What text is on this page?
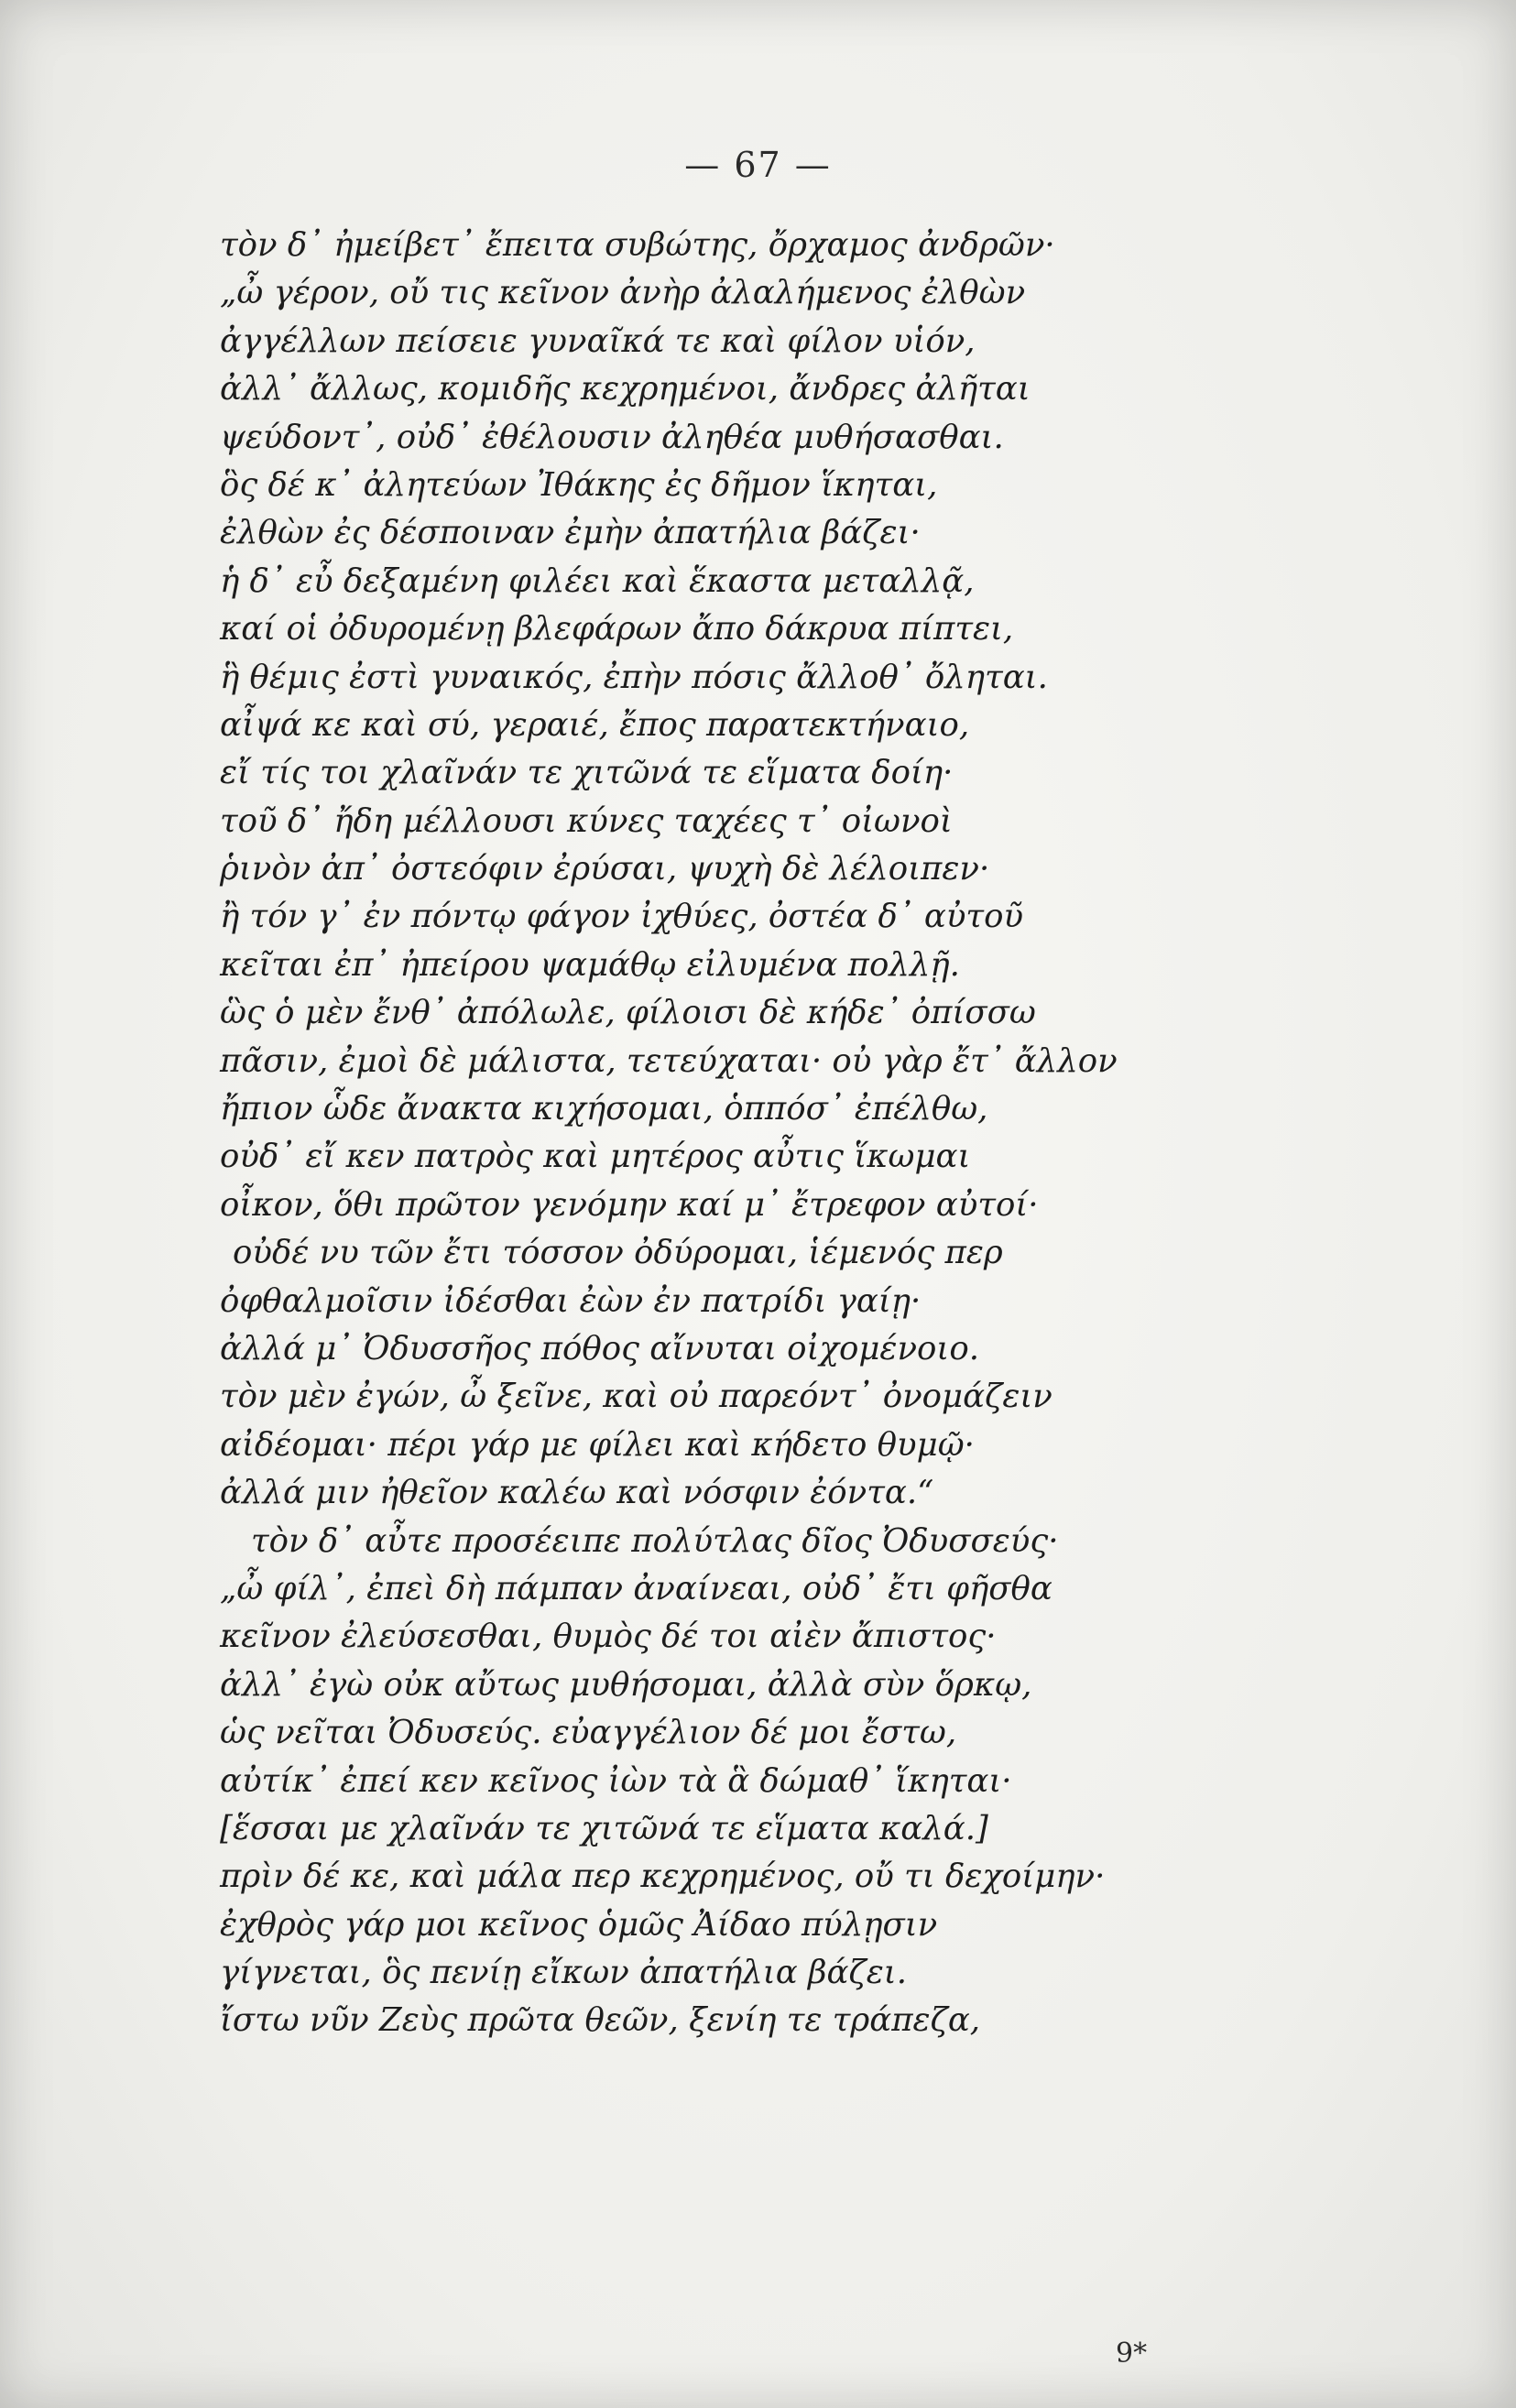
— 67 —
τὸν δ᾽ ἠμείβετ᾽ ἔπειτα συβώτης, ὄρχαμος ἀνδρῶν·
„ὦ γέρον, οὔ τις κεῖνον ἀνὴρ ἀλαλήμενος ἐλθὼν
ἀγγέλλων πείσειε γυναῖκά τε καὶ φίλον υἱόν,
ἀλλ᾽ ἄλλως, κομιδῆς κεχρημένοι, ἄνδρες ἀλῆται
ψεύδοντ᾽, οὐδ᾽ ἐθέλουσιν ἀληθέα μυθήσασθαι.
ὃς δέ κ᾽ ἀλητεύων Ἰθάκης ἐς δῆμον ἵκηται,
ἐλθὼν ἐς δέσποιναν ἐμὴν ἀπατήλια βάζει·
ἡ δ᾽ εὖ δεξαμένη φιλέει καὶ ἕκαστα μεταλλᾷ,
καί οἱ ὀδυρομένῃ βλεφάρων ἄπο δάκρυα πίπτει,
ἣ θέμις ἐστὶ γυναικός, ἐπὴν πόσις ἄλλοθ᾽ ὄληται.
αἶψά κε καὶ σύ, γεραιέ, ἔπος παρατεκτήναιο,
εἴ τίς τοι χλαῖνάν τε χιτῶνά τε εἵματα δοίη·
τοῦ δ᾽ ἤδη μέλλουσι κύνες ταχέες τ᾽ οἰωνοὶ
ῥινὸν ἀπ᾽ ὀστεόφιν ἐρύσαι, ψυχὴ δὲ λέλοιπεν·
ἢ τόν γ᾽ ἐν πόντῳ φάγον ἰχθύες, ὀστέα δ᾽ αὐτοῦ
κεῖται ἐπ᾽ ἠπείρου ψαμάθῳ εἰλυμένα πολλῇ.
ὣς ὁ μὲν ἔνθ᾽ ἀπόλωλε, φίλοισι δὲ κήδε᾽ ὀπίσσω
πᾶσιν, ἐμοὶ δὲ μάλιστα, τετεύχαται· οὐ γὰρ ἔτ᾽ ἄλλον
ἤπιον ὧδε ἄνακτα κιχήσομαι, ὁππόσ᾽ ἐπέλθω,
οὐδ᾽ εἴ κεν πατρὸς καὶ μητέρος αὖτις ἵκωμαι
οἶκον, ὅθι πρῶτον γενόμην καί μ᾽ ἔτρεφον αὐτοί·
οὐδέ νυ τῶν ἔτι τόσσον ὀδύρομαι, ἱέμενός περ
ὀφθαλμοῖσιν ἰδέσθαι ἐὼν ἐν πατρίδι γαίῃ·
ἀλλά μ᾽ Ὀδυσσῆος πόθος αἴνυται οἰχομένοιο.
τὸν μὲν ἐγών, ὦ ξεῖνε, καὶ οὐ παρεόντ᾽ ὀνομάζειν
αἰδέομαι· πέρι γάρ με φίλει καὶ κήδετο θυμῷ·
ἀλλά μιν ἠθεῖον καλέω καὶ νόσφιν ἐόντα.“
τὸν δ᾽ αὖτε προσέειπε πολύτλας δῖος Ὀδυσσεύς·
„ὦ φίλ᾽, ἐπεὶ δὴ πάμπαν ἀναίνεαι, οὐδ᾽ ἔτι φῆσθα
κεῖνον ἐλεύσεσθαι, θυμὸς δέ τοι αἰὲν ἄπιστος·
ἀλλ᾽ ἐγὼ οὐκ αὔτως μυθήσομαι, ἀλλὰ σὺν ὅρκῳ,
ὡς νεῖται Ὀδυσεύς. εὐαγγέλιον δέ μοι ἔστω,
αὐτίκ᾽ ἐπεί κεν κεῖνος ἰὼν τὰ ἃ δώμαθ᾽ ἵκηται·
[ἕσσαι με χλαῖνάν τε χιτῶνά τε εἵματα καλά.]
πρὶν δέ κε, καὶ μάλα περ κεχρημένος, οὔ τι δεχοίμην·
ἐχθρὸς γάρ μοι κεῖνος ὁμῶς Ἀίδαο πύλῃσιν
γίγνεται, ὃς πενίῃ εἴκων ἀπατήλια βάζει.
ἴστω νῦν Ζεὺς πρῶτα θεῶν, ξενίη τε τράπεζα,
9*
